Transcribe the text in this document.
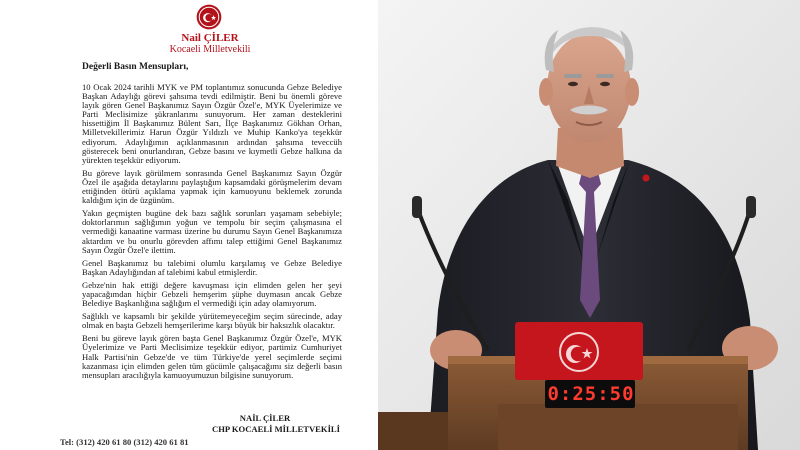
Nail ÇİLER
Kocaeli Milletvekili
Değerli Basın Mensupları,

10 Ocak 2024 tarihli MYK ve PM toplantımız sonucunda Gebze Belediye Başkan Adaylığı görevi şahsıma tevdi edilmiştir. Beni bu önemli göreve layık gören Genel Başkanımız Sayın Özgür Özel'e, MYK Üyelerimize ve Parti Meclisimize şükranlarımı sunuyorum. Her zaman desteklerini hissettiğim İl Başkanımız Bülent Sarı, İlçe Başkanımız Gökhan Orhan, Milletvekillerimiz Harun Özgür Yıldızlı ve Muhip Kanko'ya teşekkür ediyorum. Adaylığımın açıklanmasının ardından şahsıma teveccüh gösterecek beni onurlandıran, Gebze basını ve kıymetli Gebze halkına da yürekten teşekkür ediyorum.

Bu göreve layık görülmem sonrasında Genel Başkanımız Sayın Özgür Özel ile aşağıda detaylarını paylaştığım kapsamdaki görüşmelerim devam ettiğinden ötürü açıklama yapmak için kamuoyunu beklemek zorunda kaldığım için de üzgünüm.

Yakın geçmişten bugüne dek bazı sağlık sorunları yaşamam sebebiyle; doktorlarımın sağlığımın yoğun ve tempolu bir seçim çalışmasına el vermediği kanaatine varması üzerine bu durumu Sayın Genel Başkanımıza aktardım ve bu onurlu görevden affımı talep ettiğimi Genel Başkanımız Sayın Özgür Özel'e ilettim.

Genel Başkanımız bu talebimi olumlu karşılamış ve Gebze Belediye Başkan Adaylığından af talebimi kabul etmişlerdir.

Gebze'nin hak ettiği değere kavuşması için elimden gelen her şeyi yapacağımdan hiçbir Gebzeli hemşerim şüphe duymasın ancak Gebze Belediye Başkanlığına sağlığım el vermediği için aday olamıyorum.

Sağlıklı ve kapsamlı bir şekilde yürütemeyeceğim seçim sürecinde, aday olmak en başta Gebzeli hemşerilerime karşı büyük bir haksızlık olacaktır.

Beni bu göreve layık gören başta Genel Başkanımız Özgür Özel'e, MYK Üyelerimize ve Parti Meclisimize teşekkür ediyor, partimiz Cumhuriyet Halk Partisi'nin Gebze'de ve tüm Türkiye'de yerel seçimlerde seçimi kazanması için elimden gelen tüm gücümle çalışacağımı siz değerli basın mensupları aracılığıyla kamuoyumuzun bilgisine sunuyorum.

NAİL ÇİLER
CHP KOCAELİ MİLLETVEKİLİ
Tel: (312) 420 61 80 (312) 420 61 81
0:25:50
